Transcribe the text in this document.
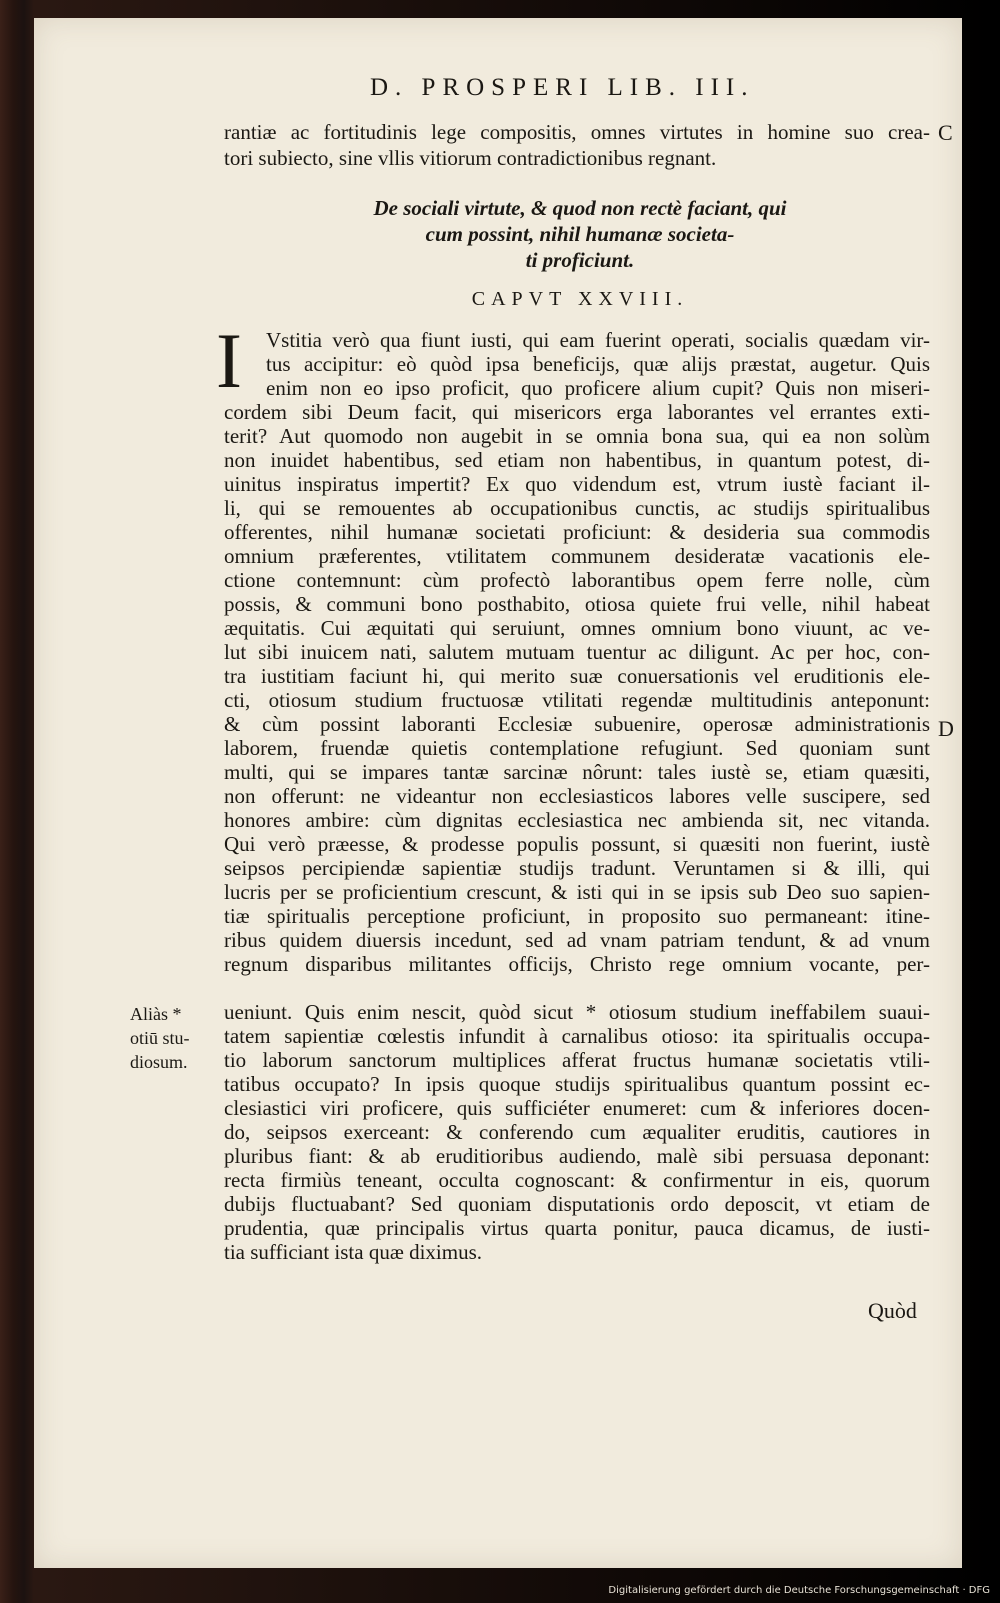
D. PROSPERI LIB. III.
C
D
rantiæ ac fortitudinis lege compositis, omnes virtutes in homine suo crea-
tori subiecto, sine vllis vitiorum contradictionibus regnant.
De sociali virtute, & quod non rectè faciant, qui
cum possint, nihil humanæ societa-
ti proficiunt.
CAPVT XXVIII.
I Vstitia verò qua fiunt iusti, qui eam fuerint operati, socialis quædam vir-
tus accipitur: eò quòd ipsa beneficijs, quæ alijs præstat, augetur. Quis
enim non eo ipso proficit, quo proficere alium cupit? Quis non miseri-
cordem sibi Deum facit, qui misericors erga laborantes vel errantes exti-
terit? Aut quomodo non augebit in se omnia bona sua, qui ea non solùm
non inuidet habentibus, sed etiam non habentibus, in quantum potest, di-
uinitus inspiratus impertit? Ex quo videndum est, vtrum iustè faciant il-
li, qui se remouentes ab occupationibus cunctis, ac studijs spiritualibus
offerentes, nihil humanæ societati proficiunt: & desideria sua commodis
omnium præferentes, vtilitatem communem desideratæ vacationis ele-
ctione contemnunt: cùm profectò laborantibus opem ferre nolle, cùm
possis, & communi bono posthabito, otiosa quiete frui velle, nihil habeat
æquitatis. Cui æquitati qui seruiunt, omnes omnium bono viuunt, ac ve-
lut sibi inuicem nati, salutem mutuam tuentur ac diligunt. Ac per hoc, con-
tra iustitiam faciunt hi, qui merito suæ conuersationis vel eruditionis ele-
cti, otiosum studium fructuosæ vtilitati regendæ multitudinis anteponunt:
& cùm possint laboranti Ecclesiæ subuenire, operosæ administrationis
laborem, fruendæ quietis contemplatione refugiunt. Sed quoniam sunt
multi, qui se impares tantæ sarcinæ nôrunt: tales iustè se, etiam quæsiti,
non offerunt: ne videantur non ecclesiasticos labores velle suscipere, sed
honores ambire: cùm dignitas ecclesiastica nec ambienda sit, nec vitanda.
Qui verò præesse, & prodesse populis possunt, si quæsiti non fuerint, iustè
seipsos percipiendæ sapientiæ studijs tradunt. Veruntamen si & illi, qui
lucris per se proficientium crescunt, & isti qui in se ipsis sub Deo suo sapien-
tiæ spiritualis perceptione proficiunt, in proposito suo permaneant: itine-
ribus quidem diuersis incedunt, sed ad vnam patriam tendunt, & ad vnum
regnum disparibus militantes officijs, Christo rege omnium vocante, per-
ueniunt. Quis enim nescit, quòd sicut * otiosum studium ineffabilem suaui-
tatem sapientiæ cœlestis infundit à carnalibus otioso: ita spiritualis occupa-
tio laborum sanctorum multiplices afferat fructus humanæ societatis vtili-
tatibus occupato? In ipsis quoque studijs spiritualibus quantum possint ec-
clesiastici viri proficere, quis sufficiéter enumeret: cum & inferiores docen-
do, seipsos exerceant: & conferendo cum æqualiter eruditis, cautiores in
pluribus fiant: & ab eruditioribus audiendo, malè sibi persuasa deponant:
recta firmiùs teneant, occulta cognoscant: & confirmentur in eis, quorum
dubijs fluctuabant? Sed quoniam disputationis ordo deposcit, vt etiam de
prudentia, quæ principalis virtus quarta ponitur, pauca dicamus, de iusti-
tia sufficiant ista quæ diximus.
Aliàs *
otiū stu-
diosum.
Quòd
Digitalisierung gefördert durch die Deutsche Forschungsgemeinschaft · DFG
